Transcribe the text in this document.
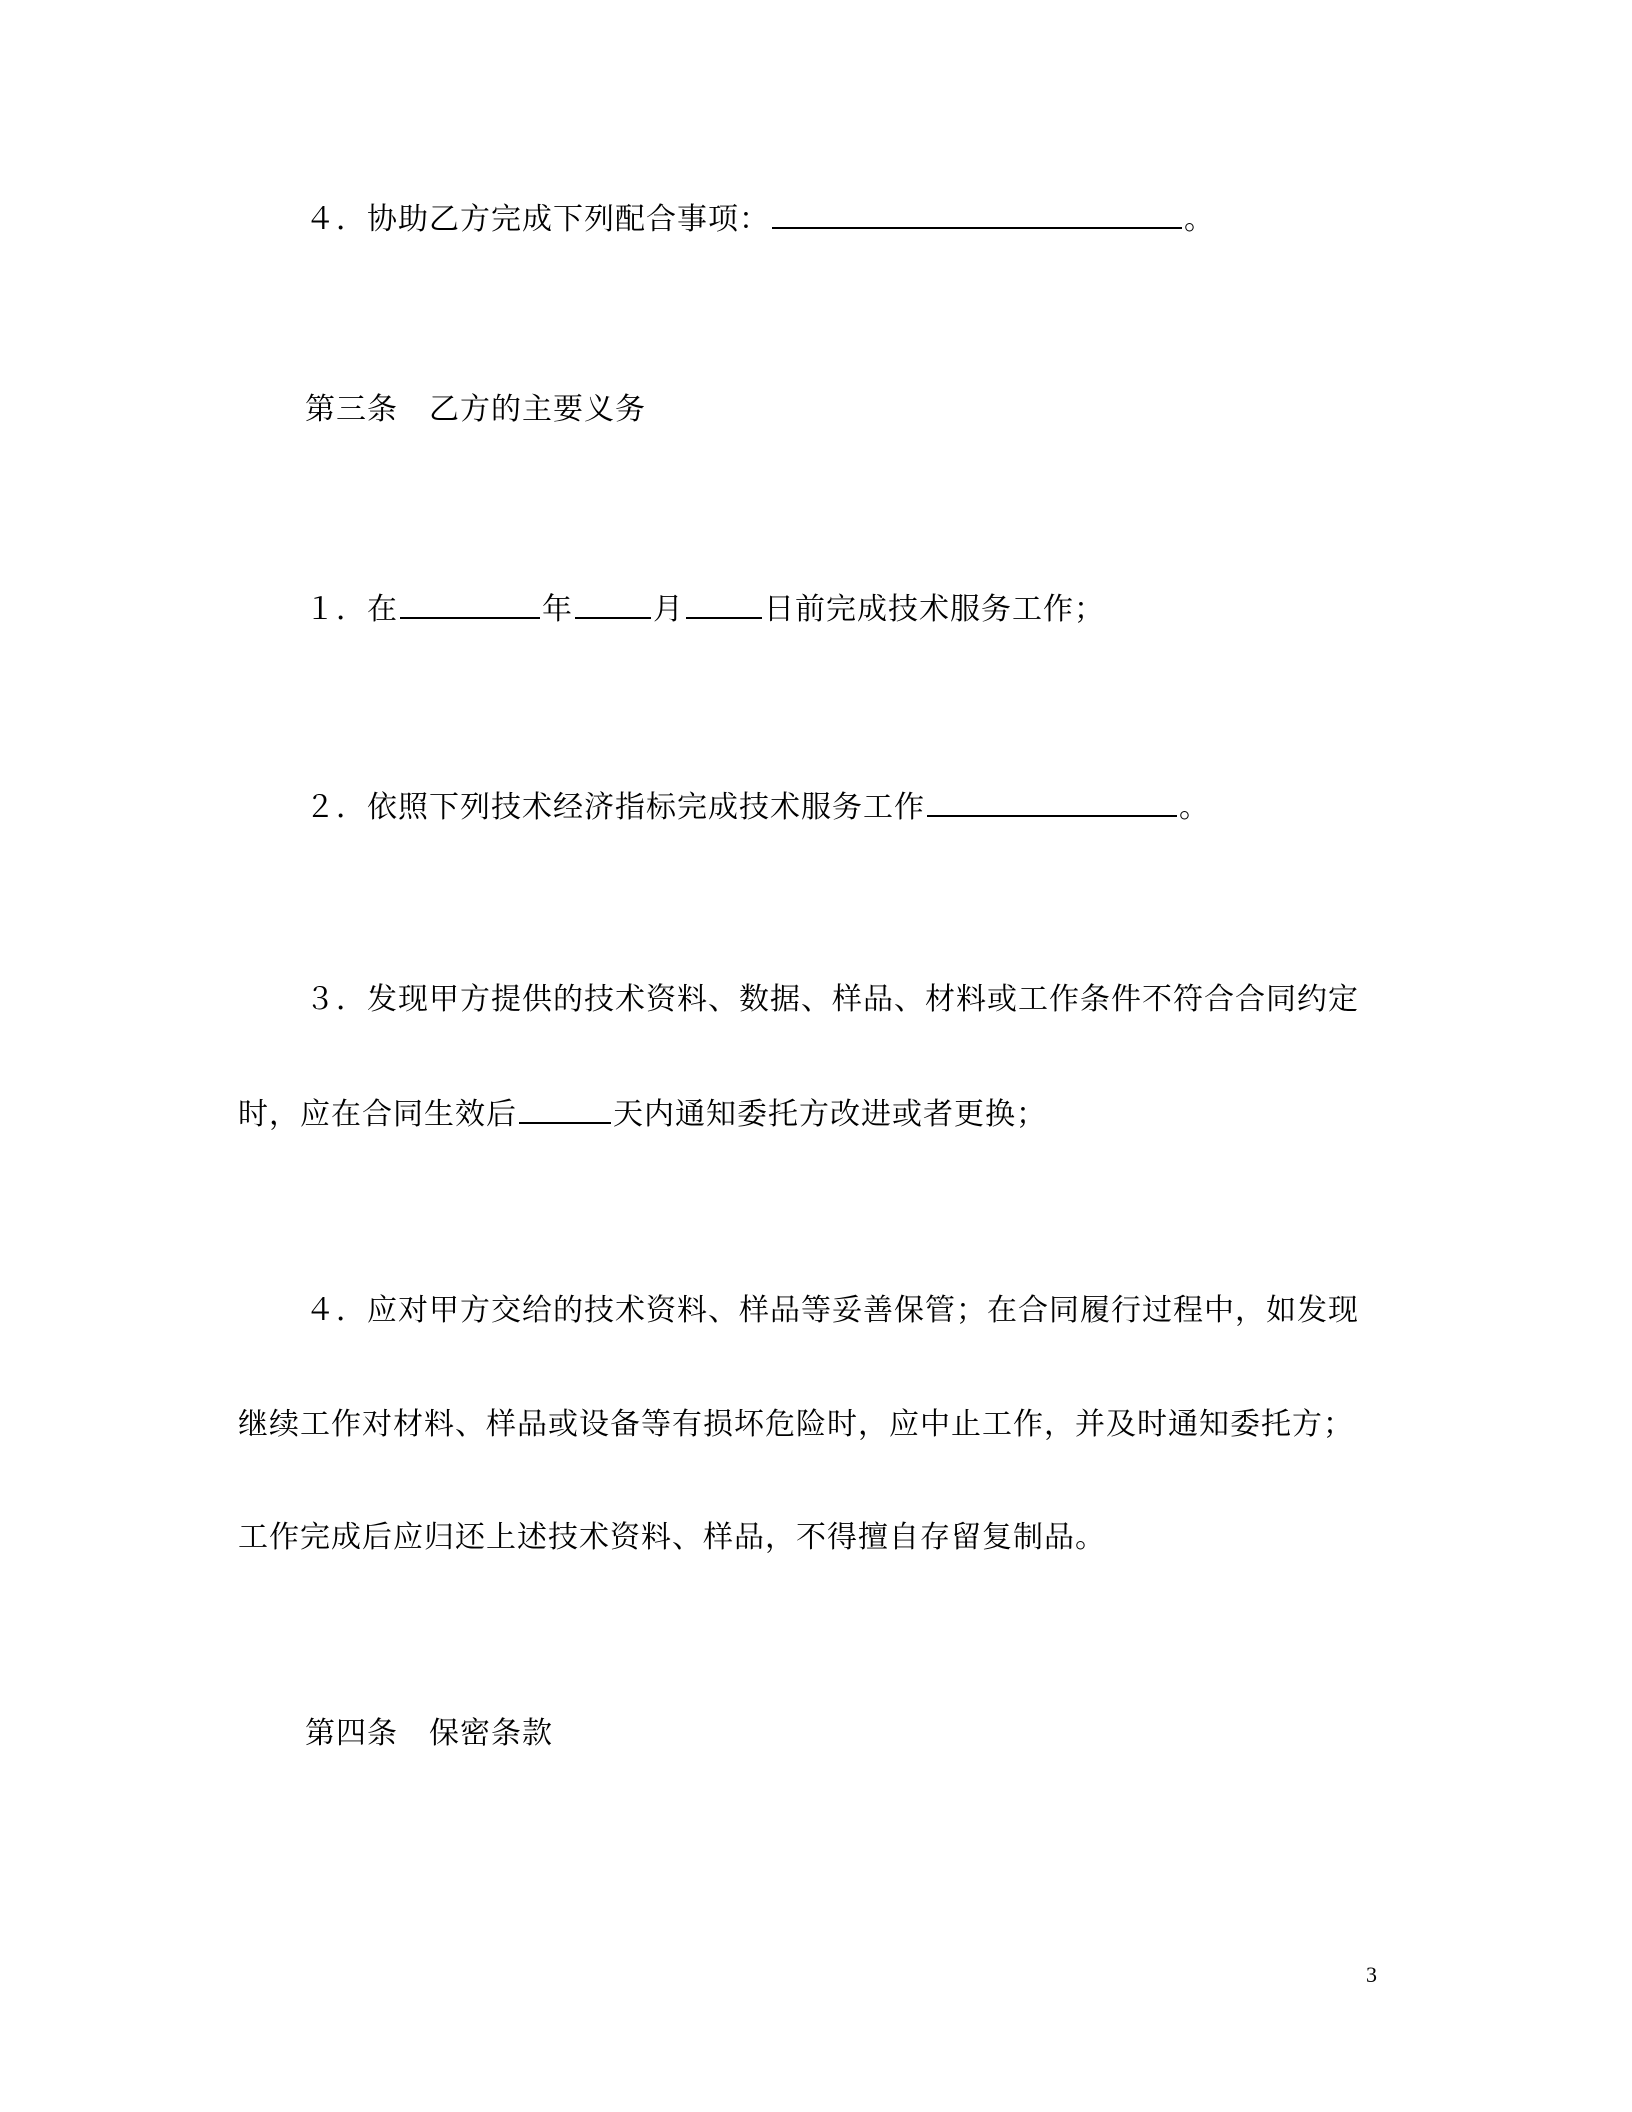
４．协助乙方完成下列配合事项：	。
第三条　乙方的主要义务
１．在	年	月	日前完成技术服务工作；
２．依照下列技术经济指标完成技术服务工作	。
３．发现甲方提供的技术资料、数据、样品、材料或工作条件不符合合同约定
时，应在合同生效后	天内通知委托方改进或者更换；
４．应对甲方交给的技术资料、样品等妥善保管；在合同履行过程中，如发现
继续工作对材料、样品或设备等有损坏危险时，应中止工作，并及时通知委托方；
工作完成后应归还上述技术资料、样品，不得擅自存留复制品。
第四条　保密条款
3
